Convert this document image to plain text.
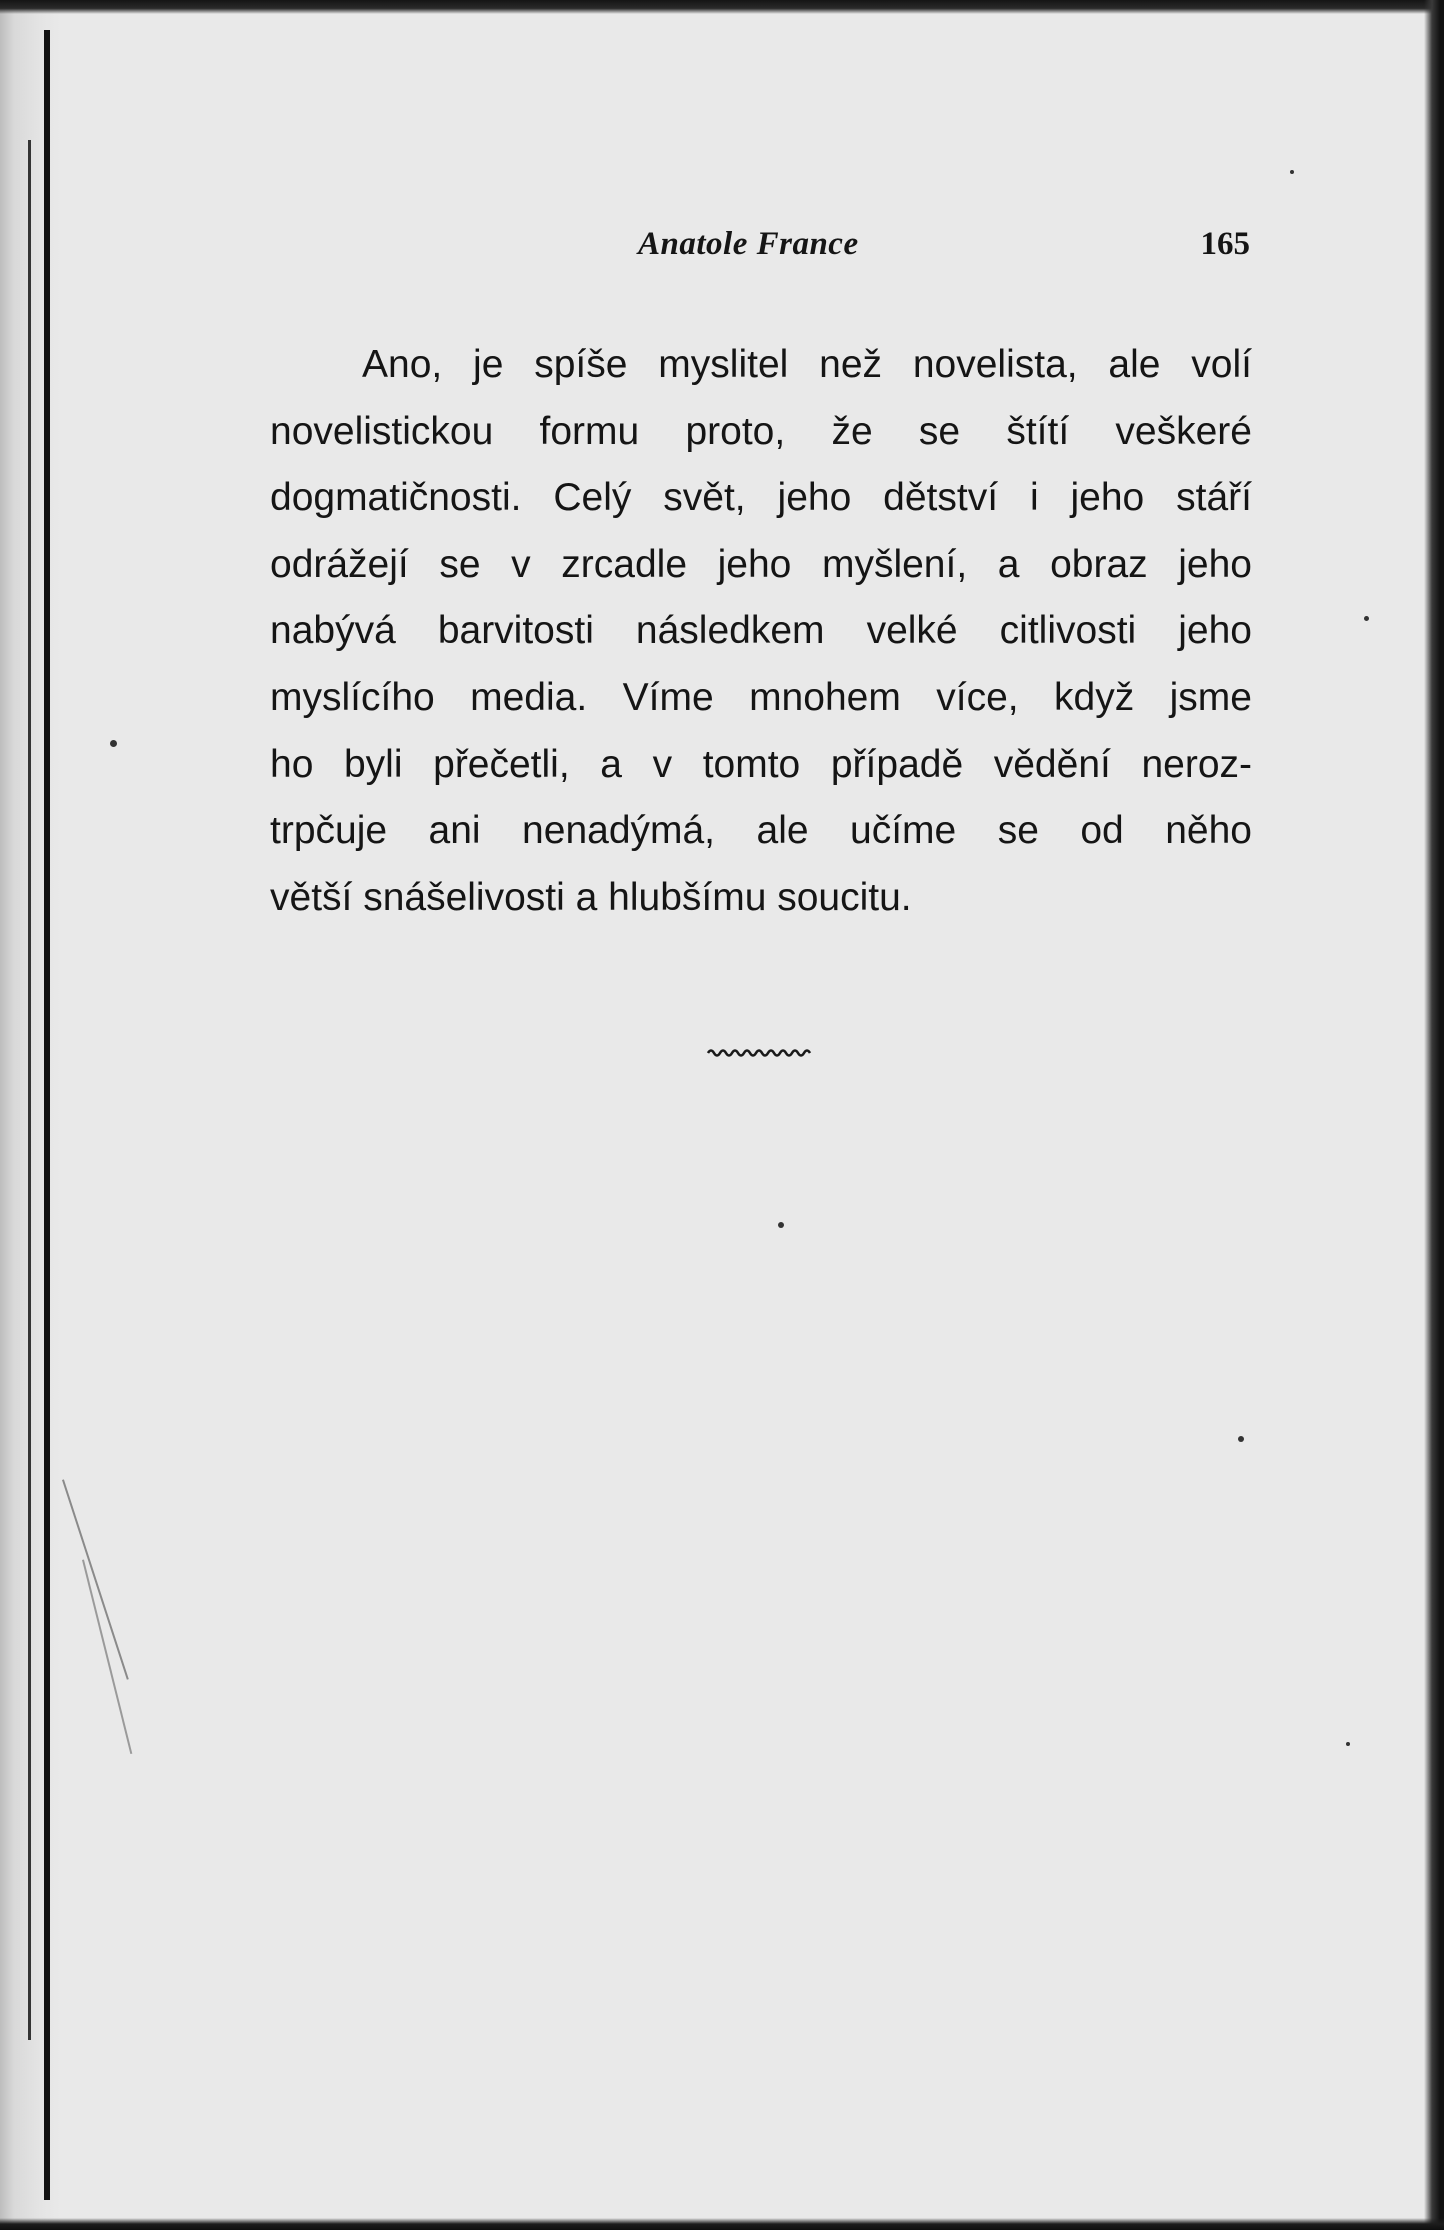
Anatole France	165
Ano, je spíše myslitel než novelista, ale volí
novelistickou formu proto, že se štítí veškeré
dogmatičnosti. Celý svět, jeho dětství i jeho stáří
odrážejí se v zrcadle jeho myšlení, a obraz jeho
nabývá barvitosti následkem velké citlivosti jeho
myslícího media. Víme mnohem více, když jsme
ho byli přečetli, a v tomto případě vědění neroz-
trpčuje ani nenadýmá, ale učíme se od něho
větší snášelivosti a hlubšímu soucitu.
